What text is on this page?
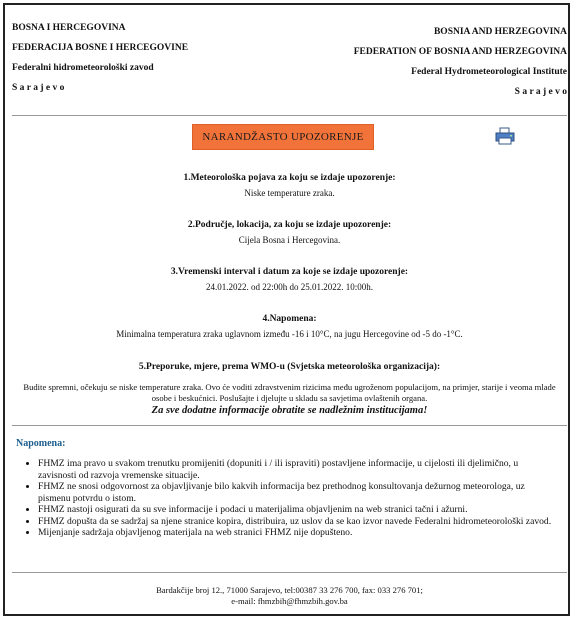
BOSNA I HERCEGOVINA
FEDERACIJA BOSNE I HERCEGOVINE
Federalni hidrometeorološki zavod
S a r a j e v o
BOSNIA AND HERZEGOVINA
FEDERATION OF BOSNIA AND HERZEGOVINA
Federal Hydrometeorological Institute
S a r a j e v o
NARANDŽASTO UPOZORENJE
1.Meteorološka pojava za koju se izdaje upozorenje:

Niske temperature zraka.

2.Područje, lokacija, za koju se izdaje upozorenje:

Cijela Bosna i Hercegovina.

3.Vremenski interval i datum za koje se izdaje upozorenje:

24.01.2022. od 22:00h do 25.01.2022. 10:00h.

4.Napomena:

Minimalna temperatura zraka uglavnom između -16 i 10°C, na jugu Hercegovine od -5 do -1°C.

5.Preporuke, mjere, prema WMO-u (Svjetska meteorološka organizacija):
Budite spremni, očekuju se niske temperature zraka. Ovo će voditi zdravstvenim rizicima među ugroženom populacijom, na primjer, starije i veoma mlade osobe i beskućnici. Poslušajte i djelujte u skladu sa savjetima ovlaštenih organa.
Za sve dodatne informacije obratite se nadležnim institucijama!
Napomena:
• FHMZ ima pravo u svakom trenutku promijeniti (dopuniti i / ili ispraviti) postavljene informacije, u cijelosti ili djelimično, u zavisnosti od razvoja vremenske situacije.
• FHMZ ne snosi odgovornost za objavljivanje bilo kakvih informacija bez prethodnog konsultovanja dežurnog meteorologa, uz pismenu potvrdu o istom.
• FHMZ nastoji osigurati da su sve informacije i podaci u materijalima objavljenim na web stranici tačni i ažurni.
• FHMZ dopušta da se sadržaj sa njene stranice kopira, distribuira, uz uslov da se kao izvor navede Federalni hidrometeorološki zavod.
• Mijenjanje sadržaja objavljenog materijala na web stranici FHMZ nije dopušteno.
Bardakčije broj 12., 71000 Sarajevo, tel:00387 33 276 700, fax: 033 276 701;
e-mail: fhmzbih@fhmzbih.gov.ba
